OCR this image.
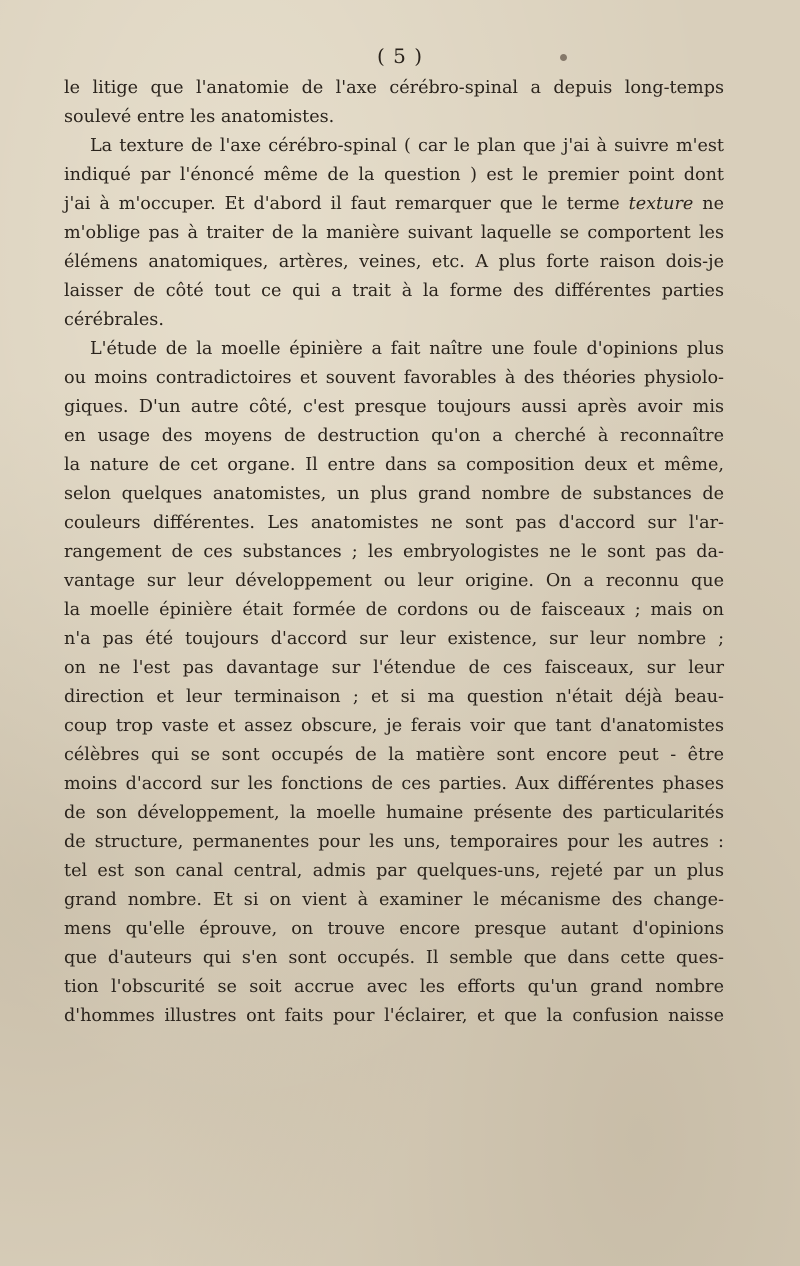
( 5 )
le litige que l'anatomie de l'axe cérébro-spinal a depuis long-temps
soulevé entre les anatomistes.
La texture de l'axe cérébro-spinal ( car le plan que j'ai à suivre m'est
indiqué par l'énoncé même de la question ) est le premier point dont
j'ai à m'occuper. Et d'abord il faut remarquer que le terme texture ne
m'oblige pas à traiter de la manière suivant laquelle se comportent les
élémens anatomiques, artères, veines, etc. A plus forte raison dois-je
laisser de côté tout ce qui a trait à la forme des différentes parties
cérébrales.
L'étude de la moelle épinière a fait naître une foule d'opinions plus
ou moins contradictoires et souvent favorables à des théories physiolo-
giques. D'un autre côté, c'est presque toujours aussi après avoir mis
en usage des moyens de destruction qu'on a cherché à reconnaître
la nature de cet organe. Il entre dans sa composition deux et même,
selon quelques anatomistes, un plus grand nombre de substances de
couleurs différentes. Les anatomistes ne sont pas d'accord sur l'ar-
rangement de ces substances ; les embryologistes ne le sont pas da-
vantage sur leur développement ou leur origine. On a reconnu que
la moelle épinière était formée de cordons ou de faisceaux ; mais on
n'a pas été toujours d'accord sur leur existence, sur leur nombre ;
on ne l'est pas davantage sur l'étendue de ces faisceaux, sur leur
direction et leur terminaison ; et si ma question n'était déjà beau-
coup trop vaste et assez obscure, je ferais voir que tant d'anatomistes
célèbres qui se sont occupés de la matière sont encore peut - être
moins d'accord sur les fonctions de ces parties. Aux différentes phases
de son développement, la moelle humaine présente des particularités
de structure, permanentes pour les uns, temporaires pour les autres :
tel est son canal central, admis par quelques-uns, rejeté par un plus
grand nombre. Et si on vient à examiner le mécanisme des change-
mens qu'elle éprouve, on trouve encore presque autant d'opinions
que d'auteurs qui s'en sont occupés. Il semble que dans cette ques-
tion l'obscurité se soit accrue avec les efforts qu'un grand nombre
d'hommes illustres ont faits pour l'éclairer, et que la confusion naisse
